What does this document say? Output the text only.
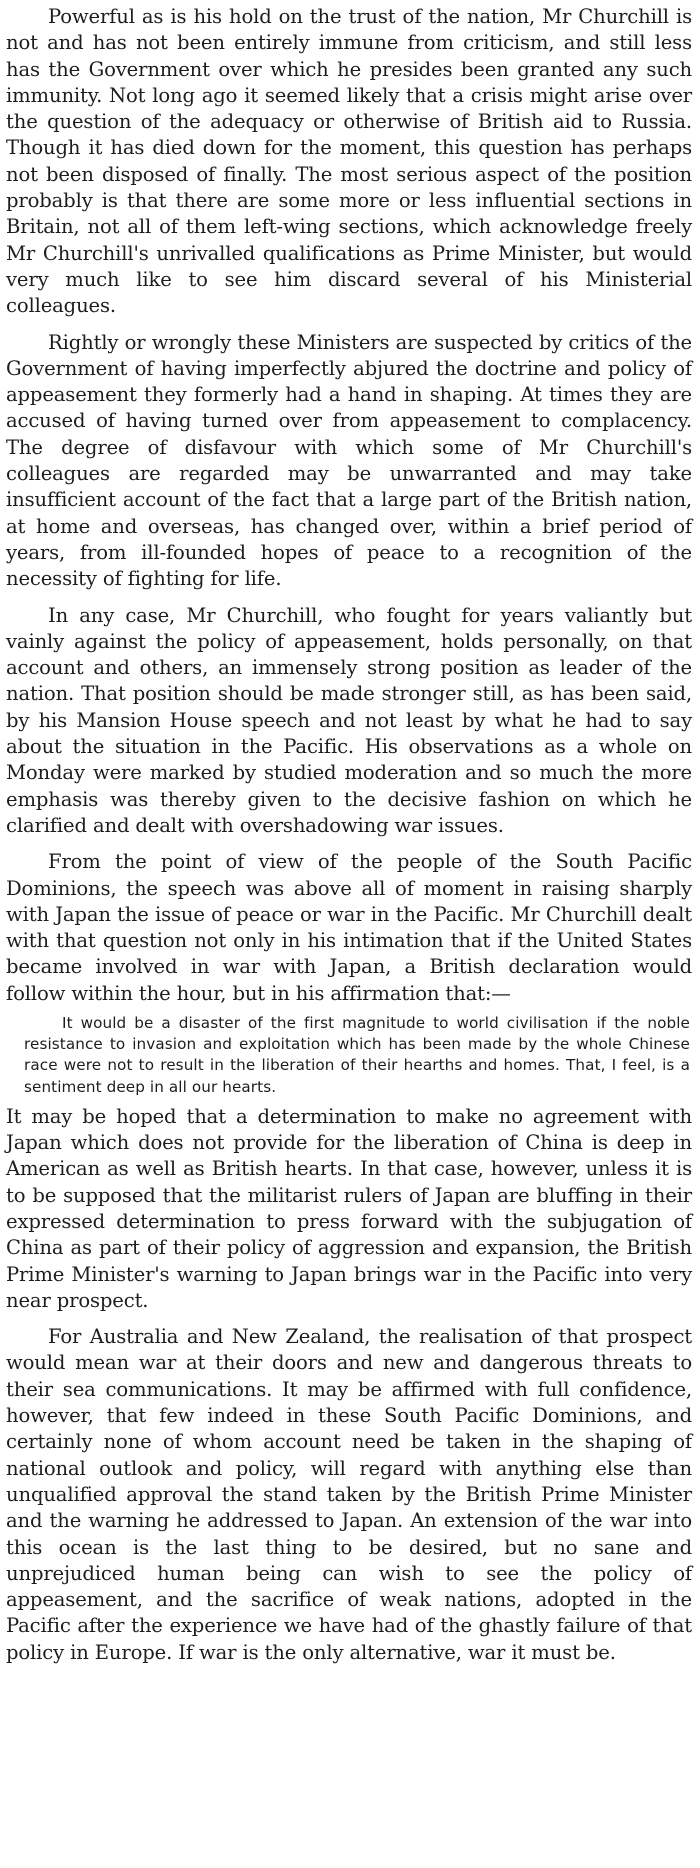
Powerful as is his hold on the trust of the nation, Mr Churchill is not and has not been entirely immune from criticism, and still less has the Government over which he presides been granted any such immunity. Not long ago it seemed likely that a crisis might arise over the question of the adequacy or otherwise of British aid to Russia. Though it has died down for the moment, this question has perhaps not been disposed of finally. The most serious aspect of the position probably is that there are some more or less influential sections in Britain, not all of them left-wing sections, which acknowledge freely Mr Churchill's unrivalled qualifications as Prime Minister, but would very much like to see him discard several of his Ministerial colleagues.

Rightly or wrongly these Ministers are suspected by critics of the Government of having imperfectly abjured the doctrine and policy of appeasement they formerly had a hand in shaping. At times they are accused of having turned over from appeasement to complacency. The degree of disfavour with which some of Mr Churchill's colleagues are regarded may be unwarranted and may take insufficient account of the fact that a large part of the British nation, at home and overseas, has changed over, within a brief period of years, from ill-founded hopes of peace to a recognition of the necessity of fighting for life.

In any case, Mr Churchill, who fought for years valiantly but vainly against the policy of appeasement, holds personally, on that account and others, an immensely strong position as leader of the nation. That position should be made stronger still, as has been said, by his Mansion House speech and not least by what he had to say about the situation in the Pacific. His observations as a whole on Monday were marked by studied moderation and so much the more emphasis was thereby given to the decisive fashion on which he clarified and dealt with overshadowing war issues.

From the point of view of the people of the South Pacific Dominions, the speech was above all of moment in raising sharply with Japan the issue of peace or war in the Pacific. Mr Churchill dealt with that question not only in his intimation that if the United States became involved in war with Japan, a British declaration would follow within the hour, but in his affirmation that:—

It would be a disaster of the first magnitude to world civilisation if the noble resistance to invasion and exploitation which has been made by the whole Chinese race were not to result in the liberation of their hearths and homes. That, I feel, is a sentiment deep in all our hearts.

It may be hoped that a determination to make no agreement with Japan which does not provide for the liberation of China is deep in American as well as British hearts. In that case, however, unless it is to be supposed that the militarist rulers of Japan are bluffing in their expressed determination to press forward with the subjugation of China as part of their policy of aggression and expansion, the British Prime Minister's warning to Japan brings war in the Pacific into very near prospect.

For Australia and New Zealand, the realisation of that prospect would mean war at their doors and new and dangerous threats to their sea communications. It may be affirmed with full confidence, however, that few indeed in these South Pacific Dominions, and certainly none of whom account need be taken in the shaping of national outlook and policy, will regard with anything else than unqualified approval the stand taken by the British Prime Minister and the warning he addressed to Japan. An extension of the war into this ocean is the last thing to be desired, but no sane and unprejudiced human being can wish to see the policy of appeasement, and the sacrifice of weak nations, adopted in the Pacific after the experience we have had of the ghastly failure of that policy in Europe. If war is the only alternative, war it must be.
